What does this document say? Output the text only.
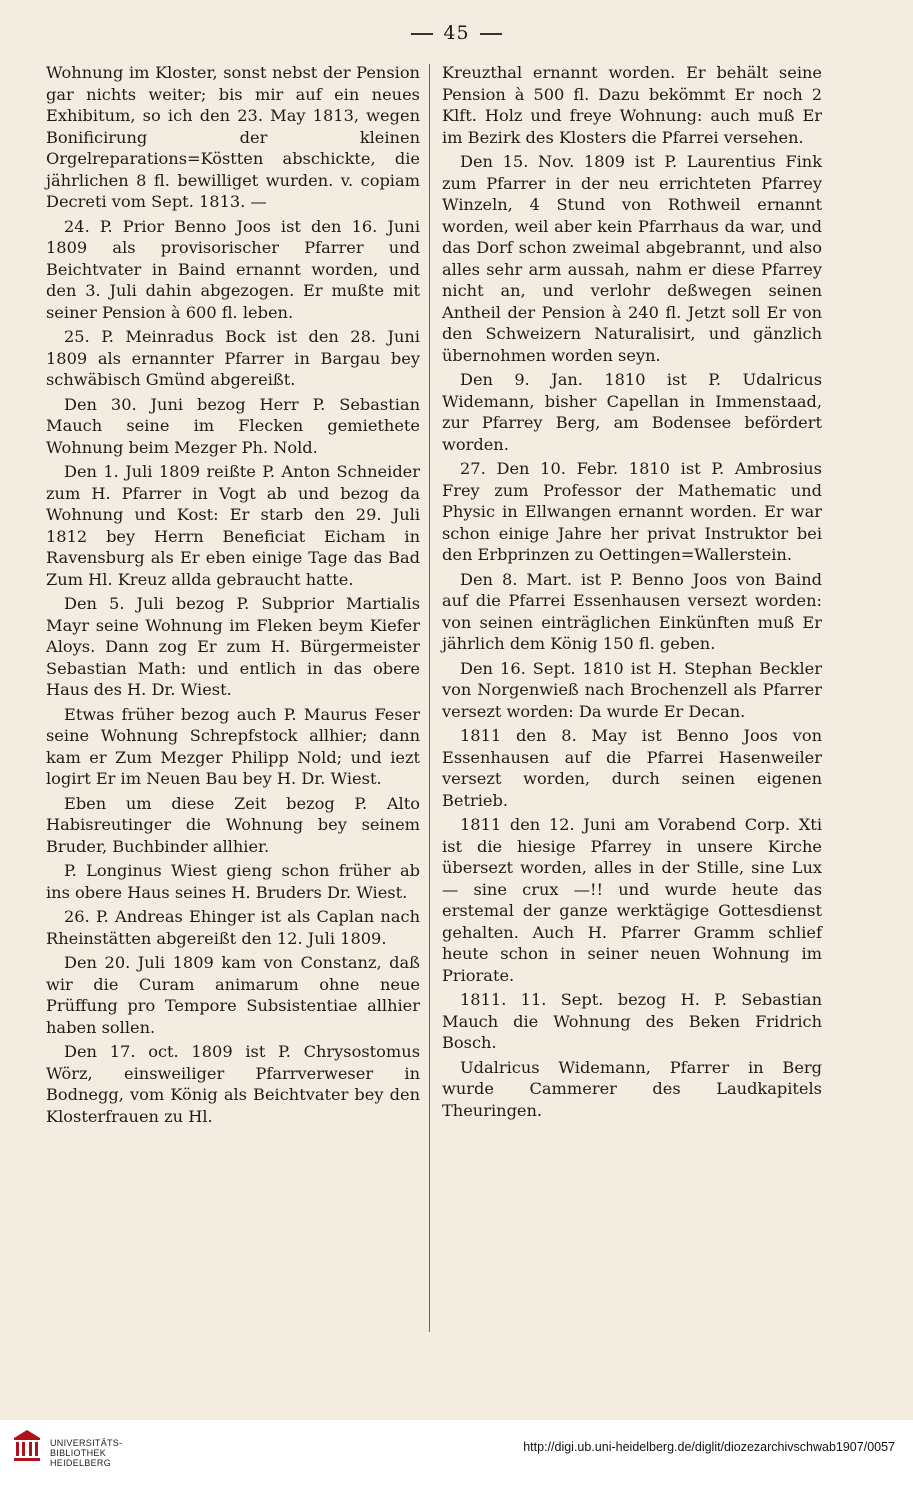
45

Wohnung im Kloster, sonst nebst der Pension gar nichts weiter; bis mir auf ein neues Exhibitum, so ich den 23. May 1813, wegen Bonificirung der kleinen Orgelreparations=Köstten abschickte, die jährlichen 8 fl. bewilliget wurden. v. copiam Decreti vom Sept. 1813. —

24. P. Prior Benno Joos ist den 16. Juni 1809 als provisorischer Pfarrer und Beichtvater in Baind ernannt worden, und den 3. Juli dahin abgezogen. Er mußte mit seiner Pension à 600 fl. leben.

25. P. Meinradus Bock ist den 28. Juni 1809 als ernannter Pfarrer in Bargau bey schwäbisch Gmünd abgereißt.

Den 30. Juni bezog Herr P. Sebastian Mauch seine im Flecken gemiethete Wohnung beim Mezger Ph. Nold.

Den 1. Juli 1809 reißte P. Anton Schneider zum H. Pfarrer in Vogt ab und bezog da Wohnung und Kost: Er starb den 29. Juli 1812 bey Herrn Beneficiat Eicham in Ravensburg als Er eben einige Tage das Bad Zum Hl. Kreuz allda gebraucht hatte.

Den 5. Juli bezog P. Subprior Martialis Mayr seine Wohnung im Fleken beym Kiefer Aloys. Dann zog Er zum H. Bürgermeister Sebastian Math: und entlich in das obere Haus des H. Dr. Wiest.

Etwas früher bezog auch P. Maurus Feser seine Wohnung Schrepfstock allhier; dann kam er Zum Mezger Philipp Nold; und iezt logirt Er im Neuen Bau bey H. Dr. Wiest.

Eben um diese Zeit bezog P. Alto Habisreutinger die Wohnung bey seinem Bruder, Buchbinder allhier.

P. Longinus Wiest gieng schon früher ab ins obere Haus seines H. Bruders Dr. Wiest.

26. P. Andreas Ehinger ist als Caplan nach Rheinstätten abgereißt den 12. Juli 1809.

Den 20. Juli 1809 kam von Constanz, daß wir die Curam animarum ohne neue Prüffung pro Tempore Subsistentiae allhier haben sollen.

Den 17. oct. 1809 ist P. Chrysostomus Wörz, einsweiliger Pfarrverweser in Bodnegg, vom König als Beichtvater bey den Klosterfrauen zu Hl.

Kreuzthal ernannt worden. Er behält seine Pension à 500 fl. Dazu bekömmt Er noch 2 Klft. Holz und freye Wohnung: auch muß Er im Bezirk des Klosters die Pfarrei versehen.

Den 15. Nov. 1809 ist P. Laurentius Fink zum Pfarrer in der neu errichteten Pfarrey Winzeln, 4 Stund von Rothweil ernannt worden, weil aber kein Pfarrhaus da war, und das Dorf schon zweimal abgebrannt, und also alles sehr arm aussah, nahm er diese Pfarrey nicht an, und verlohr deßwegen seinen Antheil der Pension à 240 fl. Jetzt soll Er von den Schweizern Naturalisirt, und gänzlich übernohmen worden seyn.

Den 9. Jan. 1810 ist P. Udalricus Widemann, bisher Capellan in Immenstaad, zur Pfarrey Berg, am Bodensee befördert worden.

27. Den 10. Febr. 1810 ist P. Ambrosius Frey zum Professor der Mathematic und Physic in Ellwangen ernannt worden. Er war schon einige Jahre her privat Instruktor bei den Erbprinzen zu Oettingen=Wallerstein.

Den 8. Mart. ist P. Benno Joos von Baind auf die Pfarrei Essenhausen versezt worden: von seinen einträglichen Einkünften muß Er jährlich dem König 150 fl. geben.

Den 16. Sept. 1810 ist H. Stephan Beckler von Norgenwieß nach Brochenzell als Pfarrer versezt worden: Da wurde Er Decan.

1811 den 8. May ist Benno Joos von Essenhausen auf die Pfarrei Hasenweiler versezt worden, durch seinen eigenen Betrieb.

1811 den 12. Juni am Vorabend Corp. Xti ist die hiesige Pfarrey in unsere Kirche übersezt worden, alles in der Stille, sine Lux — sine crux —!! und wurde heute das erstemal der ganze werktägige Gottesdienst gehalten. Auch H. Pfarrer Gramm schlief heute schon in seiner neuen Wohnung im Priorate.

1811. 11. Sept. bezog H. P. Sebastian Mauch die Wohnung des Beken Fridrich Bosch.

Udalricus Widemann, Pfarrer in Berg wurde Cammerer des Laudkapitels Theuringen.

UNIVERSITÄTS-
BIBLIOTHEK
HEIDELBERG
http://digi.ub.uni-heidelberg.de/diglit/diozezarchivschwab1907/0057
